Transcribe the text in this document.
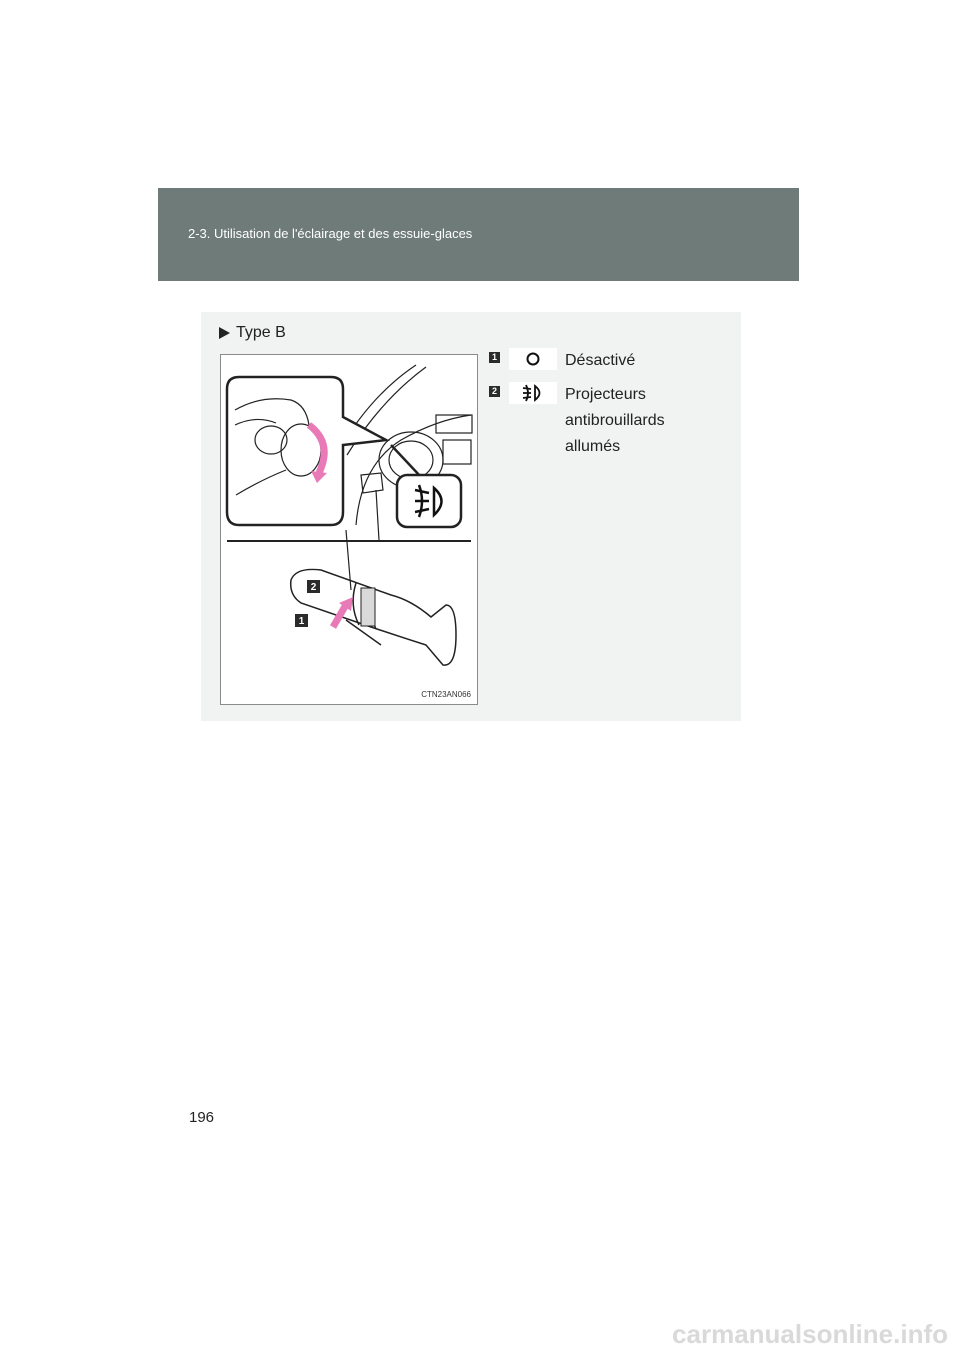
2-3. Utilisation de l'éclairage et des essuie-glaces
Type B
2
1
CTN23AN066
1	Désactivé
2	Projecteurs
antibrouillards
allumés
196
carmanualsonline.info
